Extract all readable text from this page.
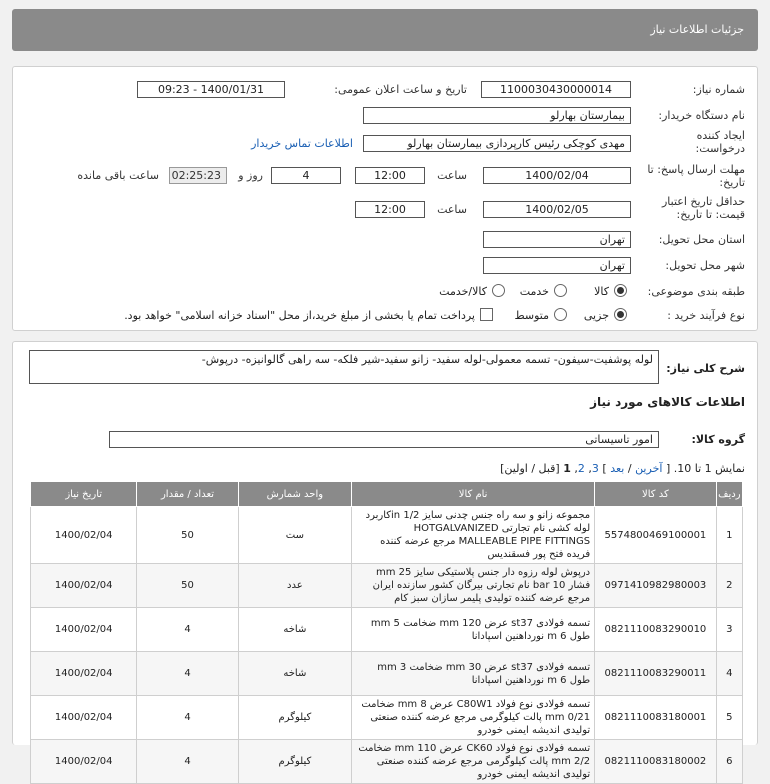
جزئیات اطلاعات نیاز
شماره نیاز:
1100030430000014
تاریخ و ساعت اعلان عمومی:
1400/01/31 - 09:23
نام دستگاه خریدار:
بیمارستان بهارلو
ایجاد کننده درخواست:
مهدی کوچکی رئیس کارپردازی بیمارستان بهارلو
اطلاعات تماس خریدار
مهلت ارسال پاسخ: تا تاریخ:
1400/02/04
ساعت
12:00
4
روز و
02:25:23
ساعت باقی مانده
حداقل تاریخ اعتبار قیمت: تا تاریخ:
1400/02/05
ساعت
12:00
استان محل تحویل:
تهران
شهر محل تحویل:
تهران
طبقه بندی موضوعی:
کالا
خدمت
کالا/خدمت
نوع فرآیند خرید :
جزیی
متوسط
پرداخت تمام یا بخشی از مبلغ خرید،از محل "اسناد خزانه اسلامی" خواهد بود.
شرح کلی نیاز:
لوله پوشفیت-سیفون- تسمه معمولی-لوله سفید- زانو سفید-شیر فلکه- سه راهی گالوانیزه- درپوش-
اطلاعات کالاهای مورد نیاز
گروه کالا:
امور تاسیساتی
نمایش 1 تا 10. [ آخرین / بعد ] 3, 2, 1 [قبل / اولین]
ردیف	کد کالا	نام کالا	واحد شمارش	تعداد / مقدار	تاریخ نیاز
1	5574800469100001	مجموعه زانو و سه راه جنس چدنی سایز in 1/2کاربرد لوله کشی نام تجارتی HOTGALVANIZED MALLEABLE PIPE FITTINGS مرجع عرضه کننده فریده فتح پور فسقندیس	ست	50	1400/02/04
2	0971410982980003	درپوش لوله رزوه دار جنس پلاستیکی سایز mm 25 فشار 10 bar نام تجارتی بیرگان کشور سازنده ایران مرجع عرضه کننده تولیدی پلیمر سازان سبز کام	عدد	50	1400/02/04
3	0821110083290010	تسمه فولادی st37 عرض mm 120 ضخامت mm 5 طول m 6 نورداهنین اسپادانا	شاخه	4	1400/02/04
4	0821110083290011	تسمه فولادی st37 عرض mm 30 ضخامت mm 3 طول m 6 نورداهنین اسپادانا	شاخه	4	1400/02/04
5	0821110083180001	تسمه فولادی نوع فولاد C80W1 عرض mm 8 ضخامت 0/21 mm پالت کیلوگرمی مرجع عرضه کننده صنعتی تولیدی اندیشه ایمنی خودرو	کیلوگرم	4	1400/02/04
6	0821110083180002	تسمه فولادی نوع فولاد CK60 عرض mm 110 ضخامت 2/2 mm پالت کیلوگرمی مرجع عرضه کننده صنعتی تولیدی اندیشه ایمنی خودرو	کیلوگرم	4	1400/02/04
